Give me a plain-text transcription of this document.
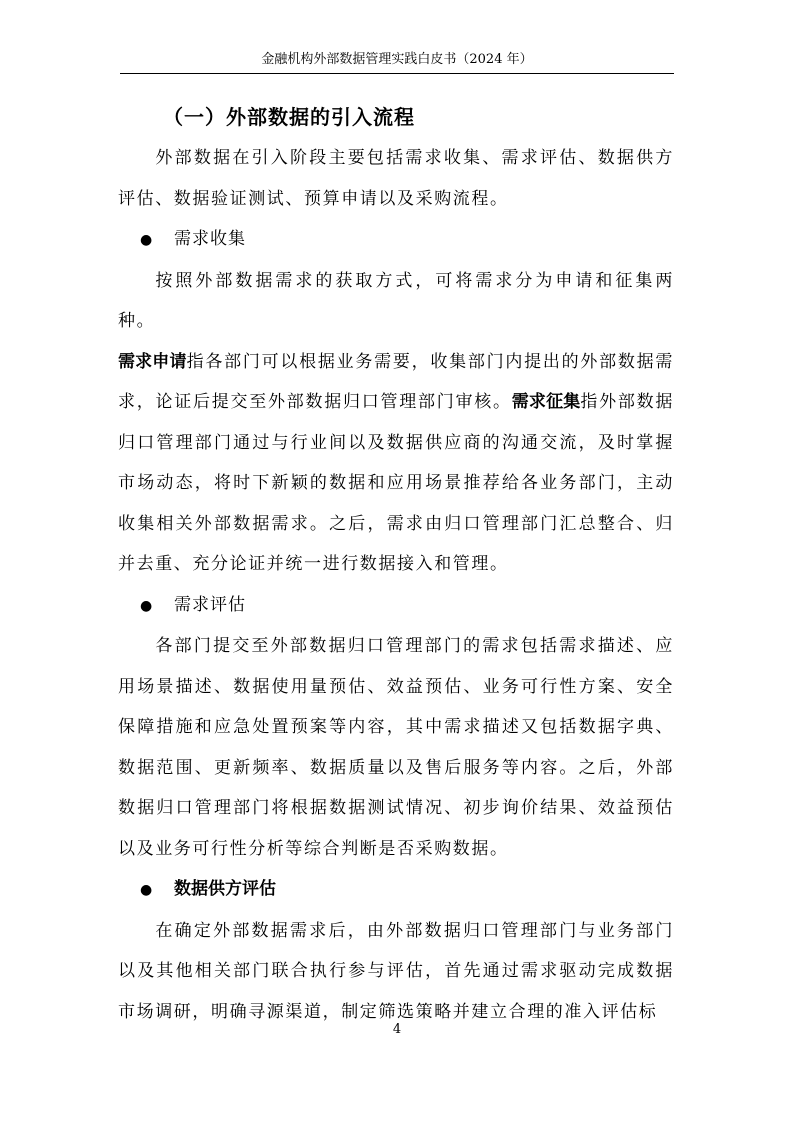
金融机构外部数据管理实践白皮书（2024 年）
（一）外部数据的引入流程

外部数据在引入阶段主要包括需求收集、需求评估、数据供方评估、数据验证测试、预算申请以及采购流程。

● 需求收集

按照外部数据需求的获取方式，可将需求分为申请和征集两种。

需求申请指各部门可以根据业务需要，收集部门内提出的外部数据需求，论证后提交至外部数据归口管理部门审核。需求征集指外部数据归口管理部门通过与行业间以及数据供应商的沟通交流，及时掌握市场动态，将时下新颖的数据和应用场景推荐给各业务部门，主动收集相关外部数据需求。之后，需求由归口管理部门汇总整合、归并去重、充分论证并统一进行数据接入和管理。

● 需求评估

各部门提交至外部数据归口管理部门的需求包括需求描述、应用场景描述、数据使用量预估、效益预估、业务可行性方案、安全保障措施和应急处置预案等内容，其中需求描述又包括数据字典、数据范围、更新频率、数据质量以及售后服务等内容。之后，外部数据归口管理部门将根据数据测试情况、初步询价结果、效益预估以及业务可行性分析等综合判断是否采购数据。

● 数据供方评估

在确定外部数据需求后，由外部数据归口管理部门与业务部门以及其他相关部门联合执行参与评估，首先通过需求驱动完成数据市场调研，明确寻源渠道，制定筛选策略并建立合理的准入评估标

4
